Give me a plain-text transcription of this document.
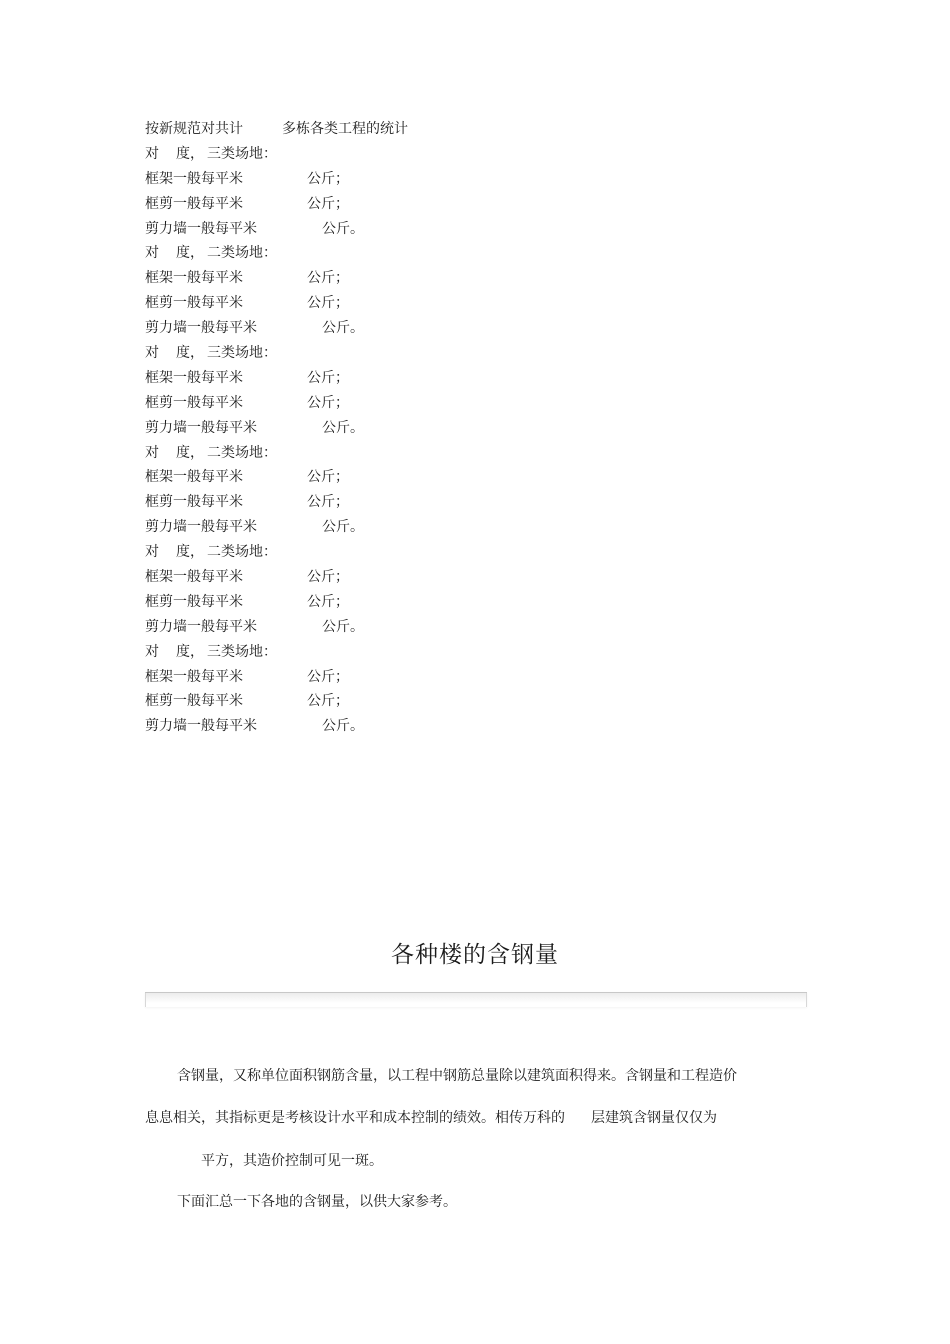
按新规范对共计	多栋各类工程的统计
对 度， 三类场地：
框架一般每平米	公斤；
框剪一般每平米	公斤；
剪力墙一般每平米	公斤。
对 度， 二类场地：
框架一般每平米	公斤；
框剪一般每平米	公斤；
剪力墙一般每平米	公斤。
对 度， 三类场地：
框架一般每平米	公斤；
框剪一般每平米	公斤；
剪力墙一般每平米	公斤。
对 度， 二类场地：
框架一般每平米	公斤；
框剪一般每平米	公斤；
剪力墙一般每平米	公斤。
对 度， 二类场地：
框架一般每平米	公斤；
框剪一般每平米	公斤；
剪力墙一般每平米	公斤。
对 度， 三类场地：
框架一般每平米	公斤；
框剪一般每平米	公斤；
剪力墙一般每平米	公斤。
各种楼的含钢量
含钢量，又称单位面积钢筋含量，以工程中钢筋总量除以建筑面积得来。含钢量和工程造价
息息相关，其指标更是考核设计水平和成本控制的绩效。相传万科的 层建筑含钢量仅仅为
平方，其造价控制可见一斑。
下面汇总一下各地的含钢量，以供大家参考。
